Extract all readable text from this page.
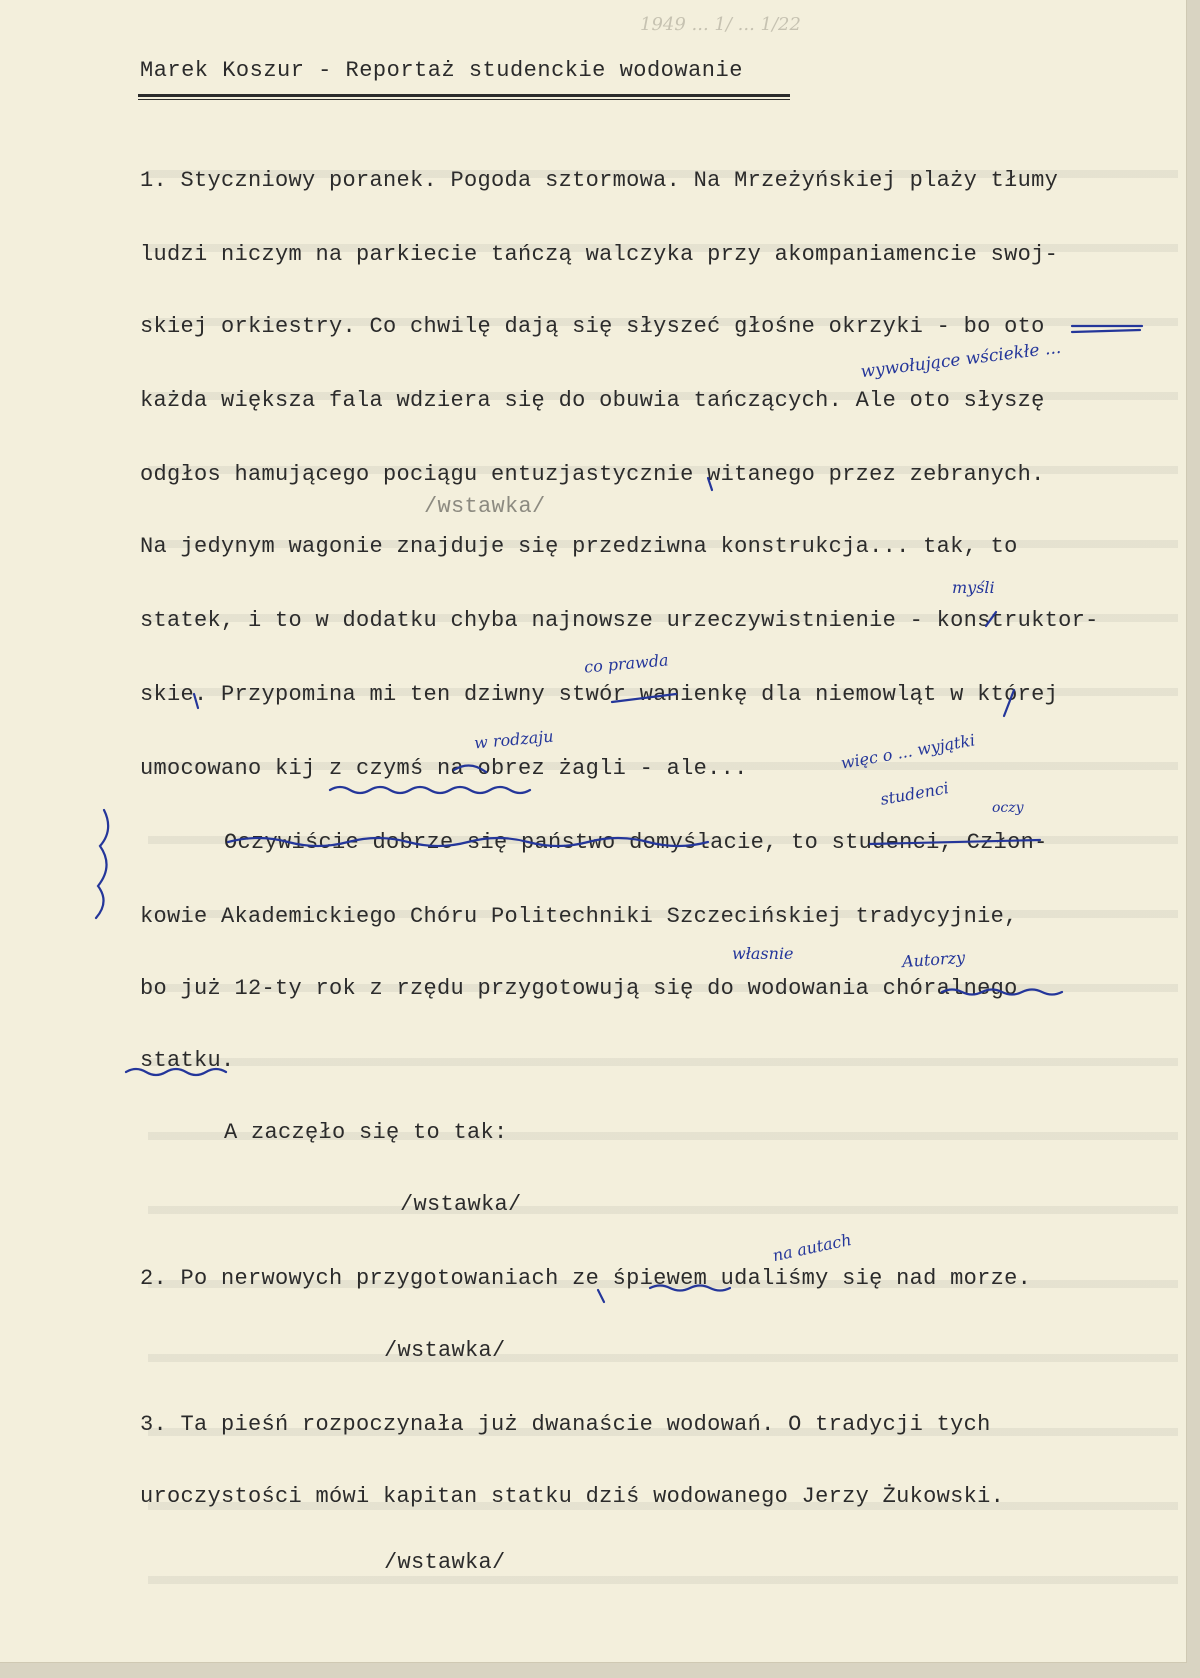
1949 ... 1/ ... 1/22
Marek Koszur - Reportaż studenckie wodowanie
1. Styczniowy poranek. Pogoda sztormowa. Na Mrzeżyńskiej plaży tłumy
ludzi niczym na parkiecie tańczą walczyka przy akompaniamencie swoj-
skiej orkiestry. Co chwilę dają się słyszeć głośne okrzyki - bo oto
każda większa fala wdziera się do obuwia tańczących. Ale oto słyszę
odgłos hamującego pociągu entuzjastycznie witanego przez zebranych.
/wstawka/
Na jedynym wagonie znajduje się przedziwna konstrukcja... tak, to
statek, i to w dodatku chyba najnowsze urzeczywistnienie - konstruktor-
skie. Przypomina mi ten dziwny stwór wanienkę dla niemowląt w której
umocowano kij z czymś na obrez żagli - ale...
Oczywiście dobrze się państwo domyślacie, to studenci, Człon-
kowie Akademickiego Chóru Politechniki Szczecińskiej tradycyjnie,
bo już 12-ty rok z rzędu przygotowują się do wodowania chóralnego
statku.
A zaczęło się to tak:
/wstawka/
2. Po nerwowych przygotowaniach ze śpiewem udaliśmy się nad morze.
/wstawka/
3. Ta pieśń rozpoczynała już dwanaście wodowań. O tradycji tych
uroczystości mówi kapitan statku dziś wodowanego Jerzy Żukowski.
/wstawka/
wywołujące wściekłe ...
myśli
co prawda
w rodzaju	więc o ... wyjątki
studenci	oczy
własnie	Autorzy
na autach
